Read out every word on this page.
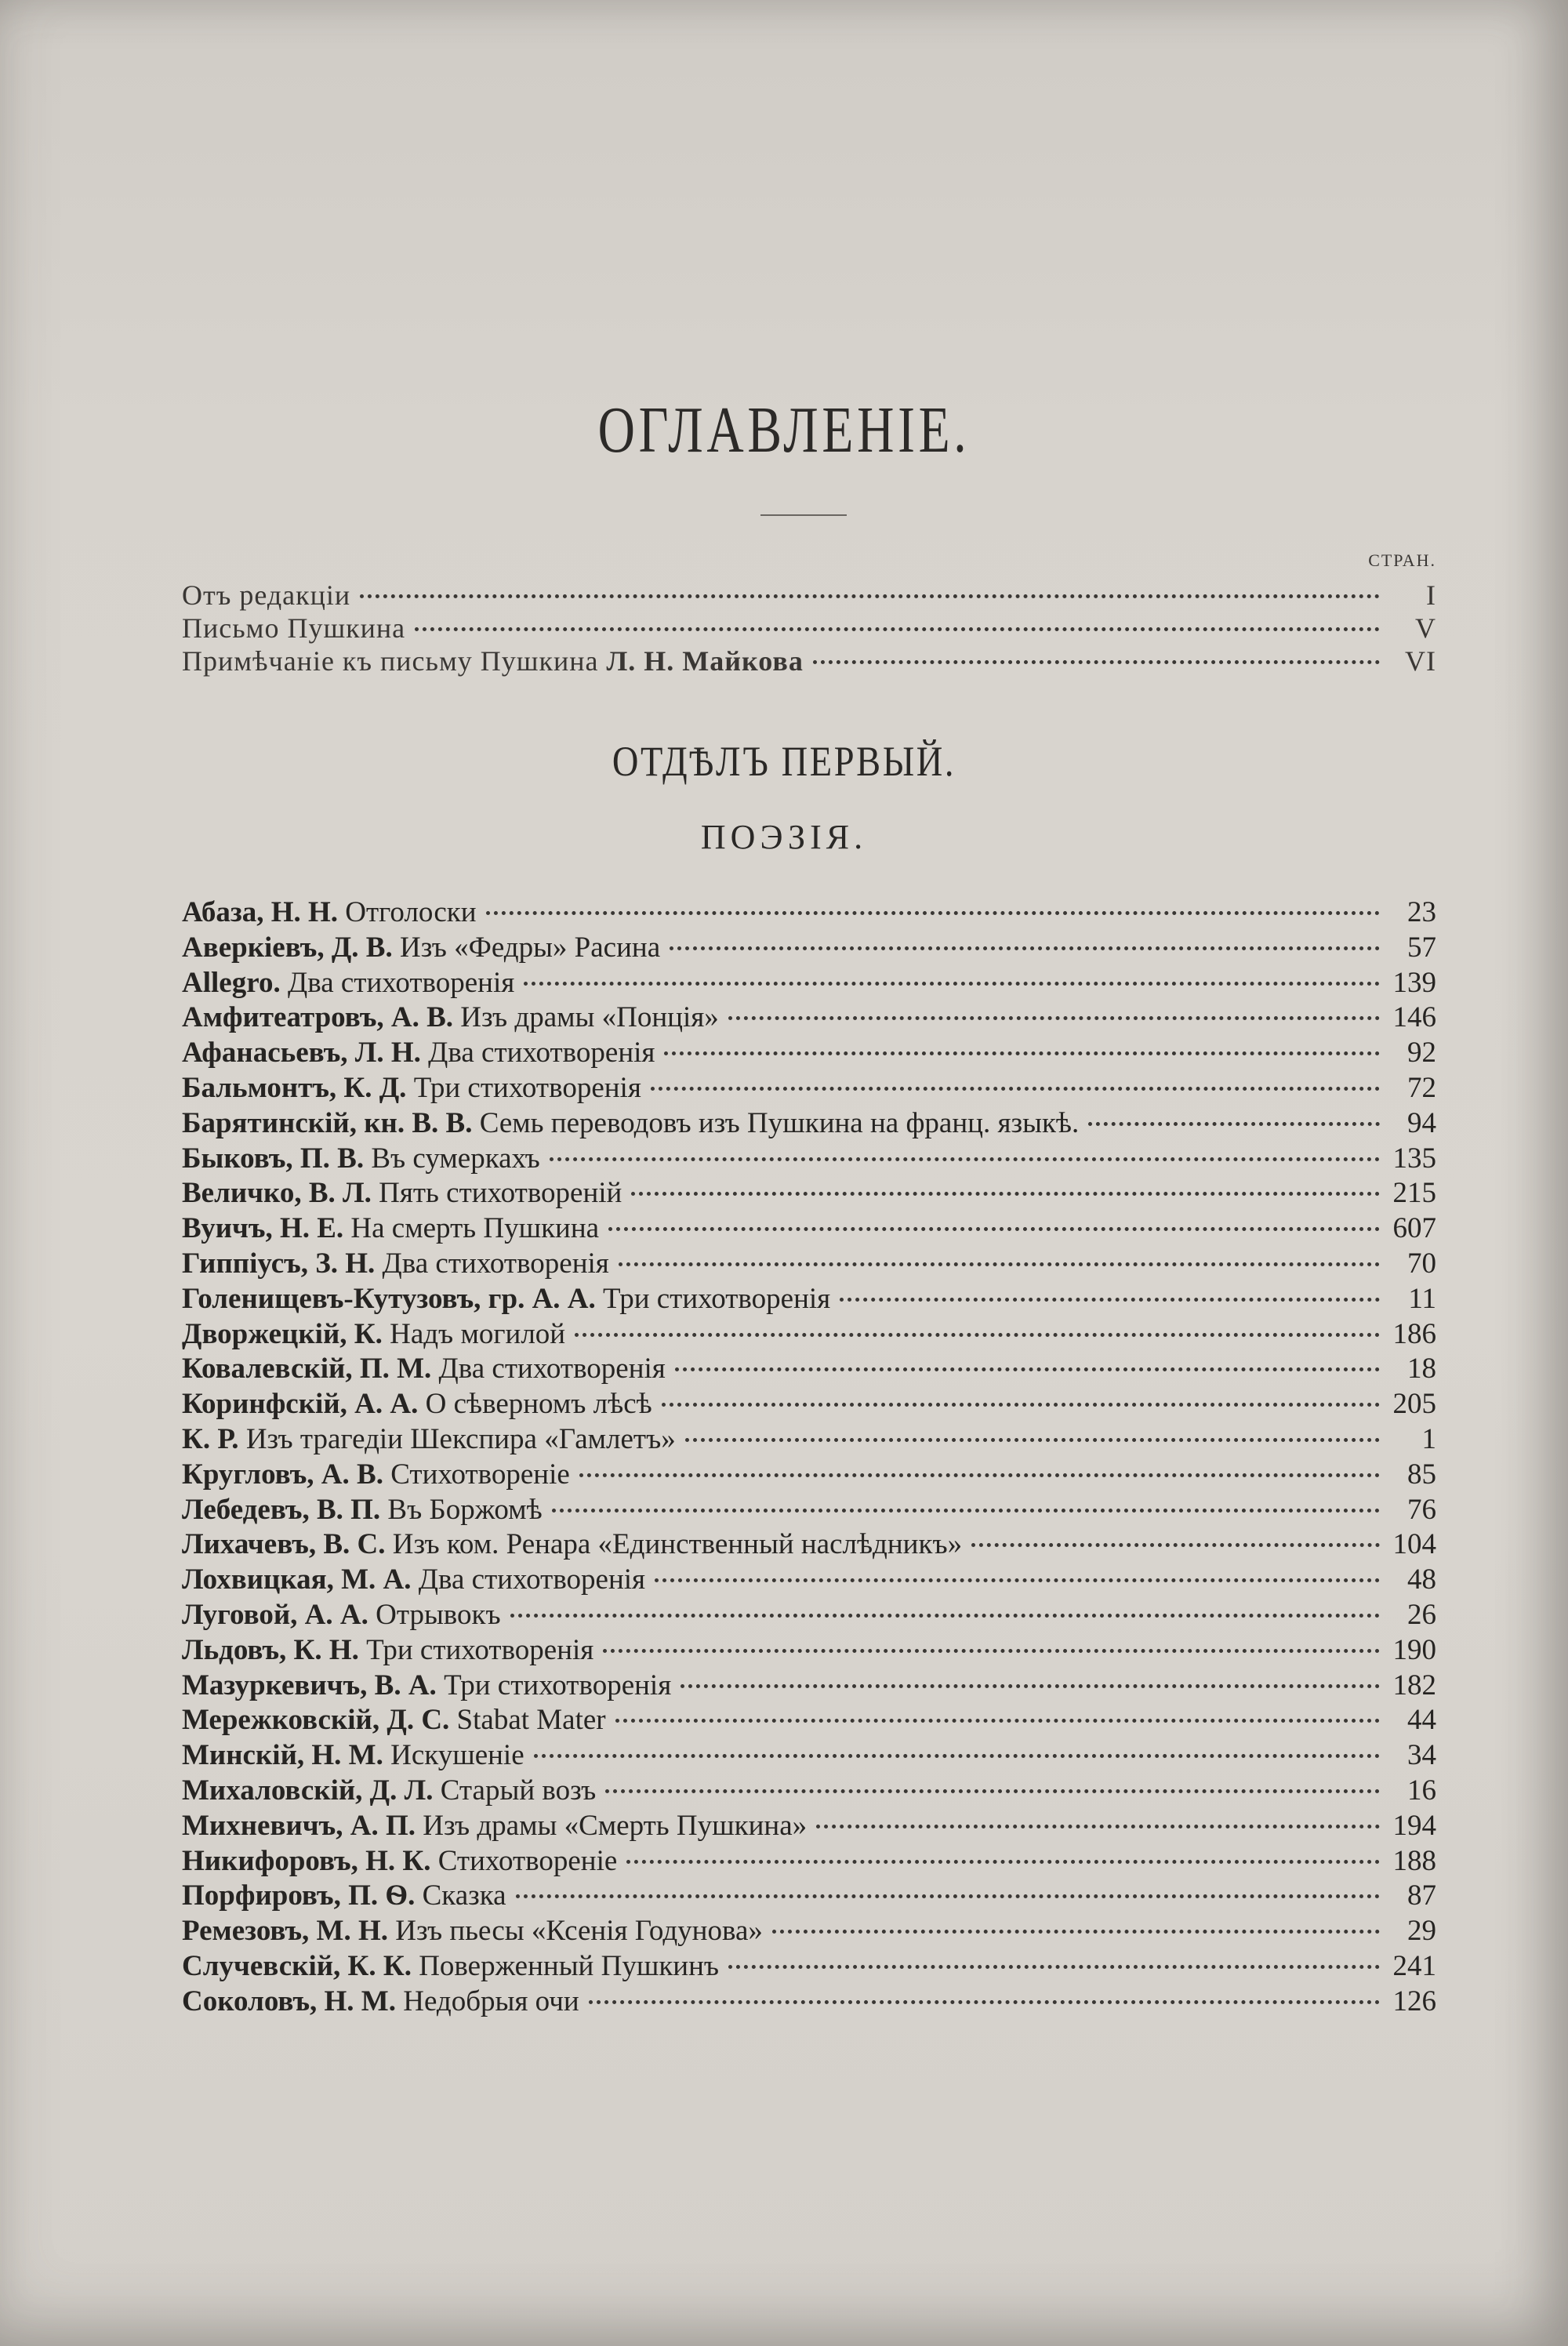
ОГЛАВЛЕНІЕ.
СТРАН.
Отъ редакціи	I
Письмо Пушкина	V
Примѣчаніе къ письму Пушкина Л. Н. Майкова	VI
ОТДѢЛЪ ПЕРВЫЙ.
ПОЭЗІЯ.
Абаза, Н. Н. Отголоски	23
Аверкіевъ, Д. В. Изъ «Федры» Расина	57
Allegro. Два стихотворенія	139
Амфитеатровъ, А. В. Изъ драмы «Понція»	146
Афанасьевъ, Л. Н. Два стихотворенія	92
Бальмонтъ, К. Д. Три стихотворенія	72
Барятинскій, кн. В. В. Семь переводовъ изъ Пушкина на франц. языкѣ.	94
Быковъ, П. В. Въ сумеркахъ	135
Величко, В. Л. Пять стихотвореній	215
Вуичъ, Н. Е. На смерть Пушкина	607
Гиппіусъ, З. Н. Два стихотворенія	70
Голенищевъ-Кутузовъ, гр. А. А. Три стихотворенія	11
Дворжецкій, К. Надъ могилой	186
Ковалевскій, П. М. Два стихотворенія	18
Коринфскій, А. А. О сѣверномъ лѣсѣ	205
К. Р. Изъ трагедіи Шекспира «Гамлетъ»	1
Кругловъ, А. В. Стихотвореніе	85
Лебедевъ, В. П. Въ Боржомѣ	76
Лихачевъ, В. С. Изъ ком. Ренара «Единственный наслѣдникъ»	104
Лохвицкая, М. А. Два стихотворенія	48
Луговой, А. А. Отрывокъ	26
Льдовъ, К. Н. Три стихотворенія	190
Мазуркевичъ, В. А. Три стихотворенія	182
Мережковскій, Д. С. Stabat Mater	44
Минскій, Н. М. Искушеніе	34
Михаловскій, Д. Л. Старый возъ	16
Михневичъ, А. П. Изъ драмы «Смерть Пушкина»	194
Никифоровъ, Н. К. Стихотвореніе	188
Порфировъ, П. Ѳ. Сказка	87
Ремезовъ, М. Н. Изъ пьесы «Ксенія Годунова»	29
Случевскій, К. К. Поверженный Пушкинъ	241
Соколовъ, Н. М. Недобрыя очи	126
